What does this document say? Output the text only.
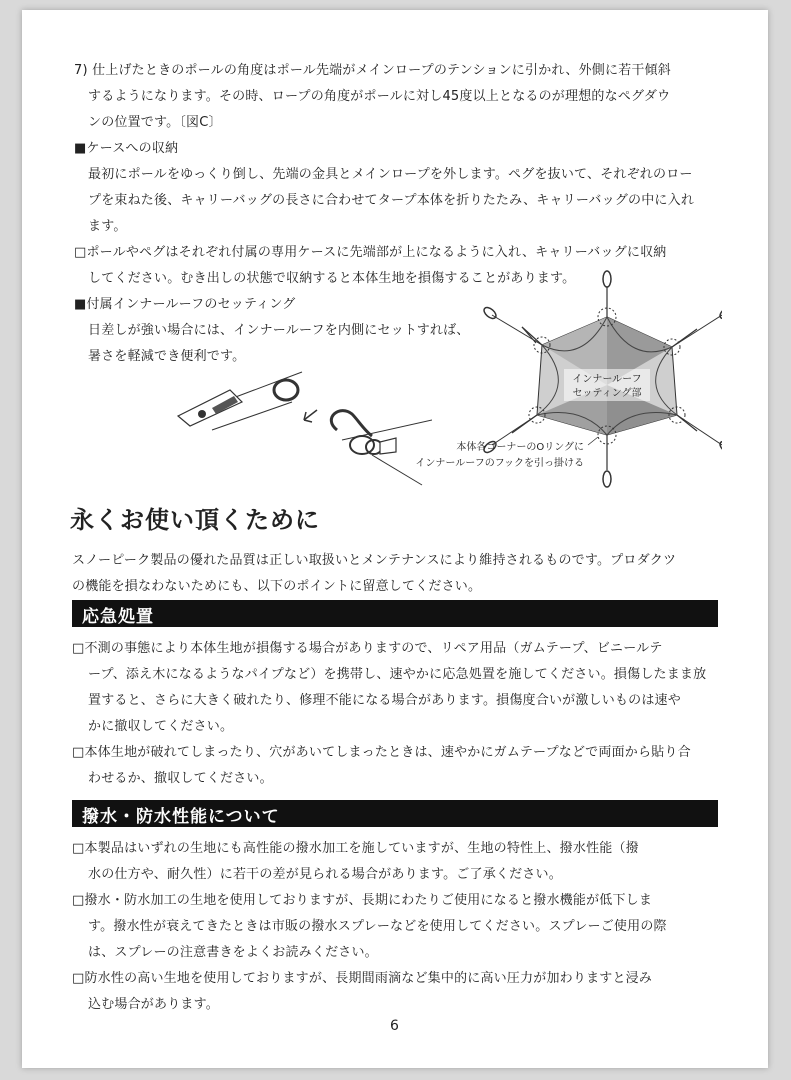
7) 仕上げたときのポールの角度はポール先端がメインロープのテンションに引かれ、外側に若干傾斜
するようになります。その時、ロープの角度がポールに対し45度以上となるのが理想的なペグダウ
ンの位置です。〔図C〕
■ケースへの収納
最初にポールをゆっくり倒し、先端の金具とメインロープを外します。ペグを抜いて、それぞれのロー
プを束ねた後、キャリーバッグの長さに合わせてタープ本体を折りたたみ、キャリーバッグの中に入れ
ます。
□ポールやペグはそれぞれ付属の専用ケースに先端部が上になるように入れ、キャリーバッグに収納
してください。むき出しの状態で収納すると本体生地を損傷することがあります。
■付属インナールーフのセッティング
日差しが強い場合には、インナールーフを内側にセットすれば、
暑さを軽減でき便利です。
インナールーフ
セッティング部
本体各コーナーのOリングに
インナールーフのフックを引っ掛ける
永くお使い頂くために
スノーピーク製品の優れた品質は正しい取扱いとメンテナンスにより維持されるものです。プロダクツ
の機能を損なわないためにも、以下のポイントに留意してください。
応急処置
□不測の事態により本体生地が損傷する場合がありますので、リペア用品（ガムテープ、ビニールテ
ープ、添え木になるようなパイプなど）を携帯し、速やかに応急処置を施してください。損傷したまま放
置すると、さらに大きく破れたり、修理不能になる場合があります。損傷度合いが激しいものは速や
かに撤収してください。
□本体生地が破れてしまったり、穴があいてしまったときは、速やかにガムテープなどで両面から貼り合
わせるか、撤収してください。
撥水・防水性能について
□本製品はいずれの生地にも高性能の撥水加工を施していますが、生地の特性上、撥水性能（撥
水の仕方や、耐久性）に若干の差が見られる場合があります。ご了承ください。
□撥水・防水加工の生地を使用しておりますが、長期にわたりご使用になると撥水機能が低下しま
す。撥水性が衰えてきたときは市販の撥水スプレーなどを使用してください。スプレーご使用の際
は、スプレーの注意書きをよくお読みください。
□防水性の高い生地を使用しておりますが、長期間雨滴など集中的に高い圧力が加わりますと浸み
込む場合があります。
6
